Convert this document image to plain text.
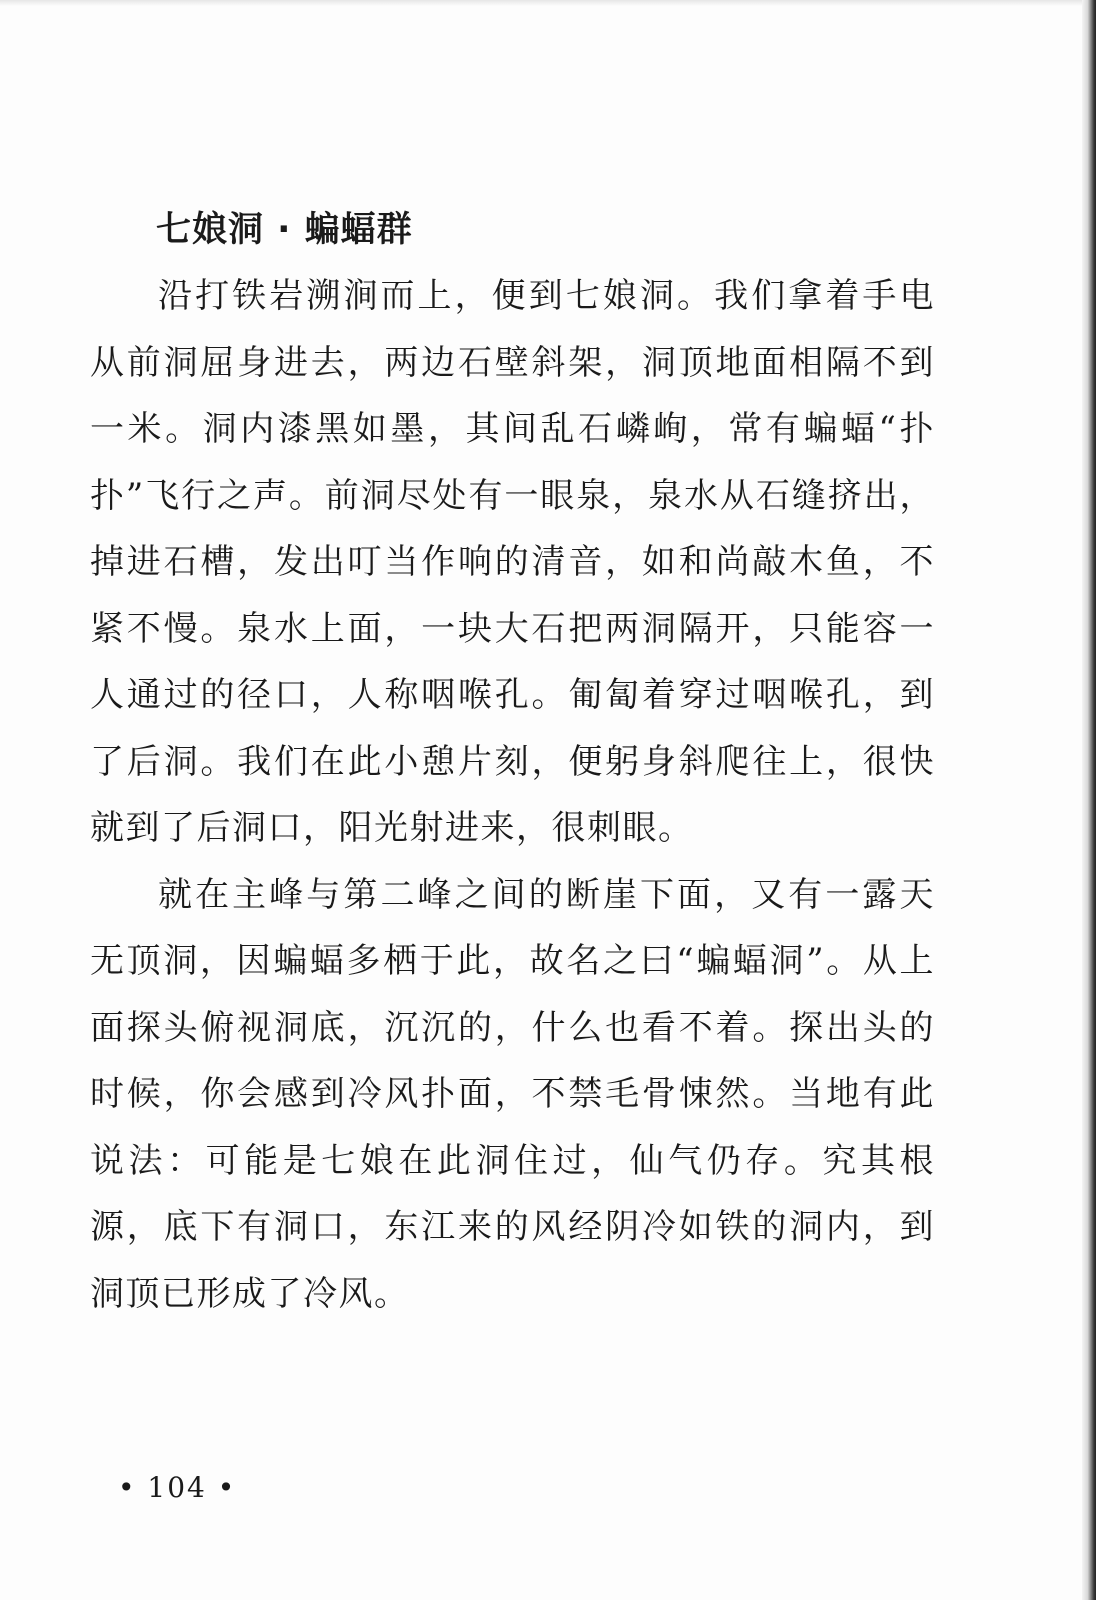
七娘洞 · 蝙蝠群

沿打铁岩溯涧而上，便到七娘洞。我们拿着手电从前洞屈身进去，两边石壁斜架，洞顶地面相隔不到一米。洞内漆黑如墨，其间乱石嶙峋，常有蝙蝠“扑扑”飞行之声。前洞尽处有一眼泉，泉水从石缝挤出，掉进石槽，发出叮当作响的清音，如和尚敲木鱼，不紧不慢。泉水上面，一块大石把两洞隔开，只能容一人通过的径口，人称咽喉孔。匍匐着穿过咽喉孔，到了后洞。我们在此小憩片刻，便躬身斜爬往上，很快就到了后洞口，阳光射进来，很刺眼。

就在主峰与第二峰之间的断崖下面，又有一露天无顶洞，因蝙蝠多栖于此，故名之曰“蝙蝠洞”。从上面探头俯视洞底，沉沉的，什么也看不着。探出头的时候，你会感到冷风扑面，不禁毛骨悚然。当地有此说法：可能是七娘在此洞住过，仙气仍存。究其根源，底下有洞口，东江来的风经阴冷如铁的洞内，到洞顶已形成了冷风。

• 104 •
